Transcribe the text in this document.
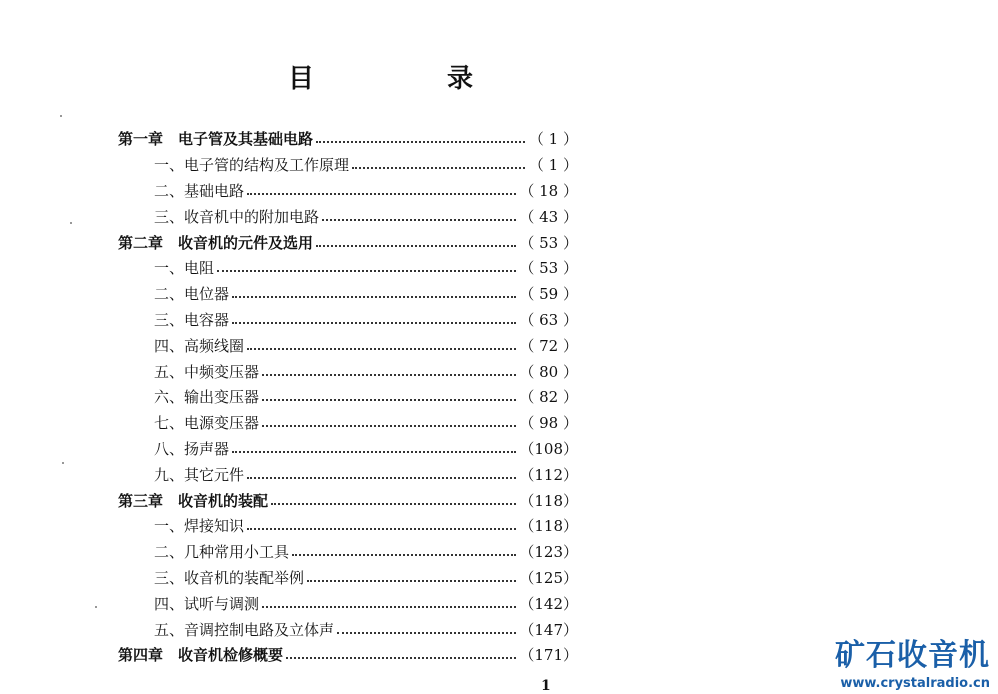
目 录
第一章　电子管及其基础电路	（ 1 ）
一、电子管的结构及工作原理	（ 1 ）
二、基础电路	（ 18 ）
三、收音机中的附加电路	（ 43 ）
第二章　收音机的元件及选用	（ 53 ）
一、电阻	（ 53 ）
二、电位器	（ 59 ）
三、电容器	（ 63 ）
四、高频线圈	（ 72 ）
五、中频变压器	（ 80 ）
六、输出变压器	（ 82 ）
七、电源变压器	（ 98 ）
八、扬声器	（108）
九、其它元件	（112）
第三章　收音机的装配	（118）
一、焊接知识	（118）
二、几种常用小工具	（123）
三、收音机的装配举例	（125）
四、试听与调测	（142）
五、音调控制电路及立体声	（147）
第四章　收音机检修概要	（171）
1
矿石收音机
www.crystalradio.cn
